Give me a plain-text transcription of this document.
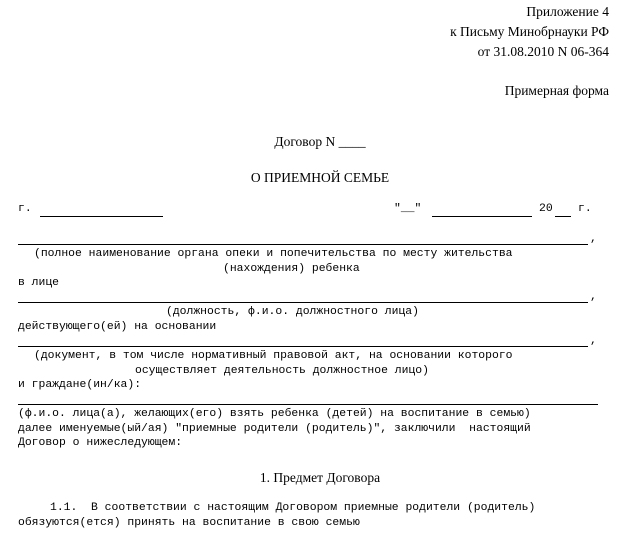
Приложение 4
к Письму Минобрнауки РФ
от 31.08.2010 N 06-364
Примерная форма
Договор N ____
О ПРИЕМНОЙ СЕМЬЕ
г.	"__"	20 г.
,
(полное наименование органа опеки и попечительства по месту жительства
(нахождения) ребенка
в лице
,
(должность, ф.и.о. должностного лица)
действующего(ей) на основании
,
(документ, в том числе нормативный правовой акт, на основании которого
осуществляет деятельность должностное лицо)
и граждане(ин/ка):
(ф.и.о. лица(а), желающих(его) взять ребенка (детей) на воспитание в семью)
далее именуемые(ый/ая) "приемные родители (родитель)", заключили  настоящий
Договор о нижеследующем:
1. Предмет Договора
1.1.  В соответствии с настоящим Договором приемные родители (родитель)
обязуются(ется) принять на воспитание в свою семью
